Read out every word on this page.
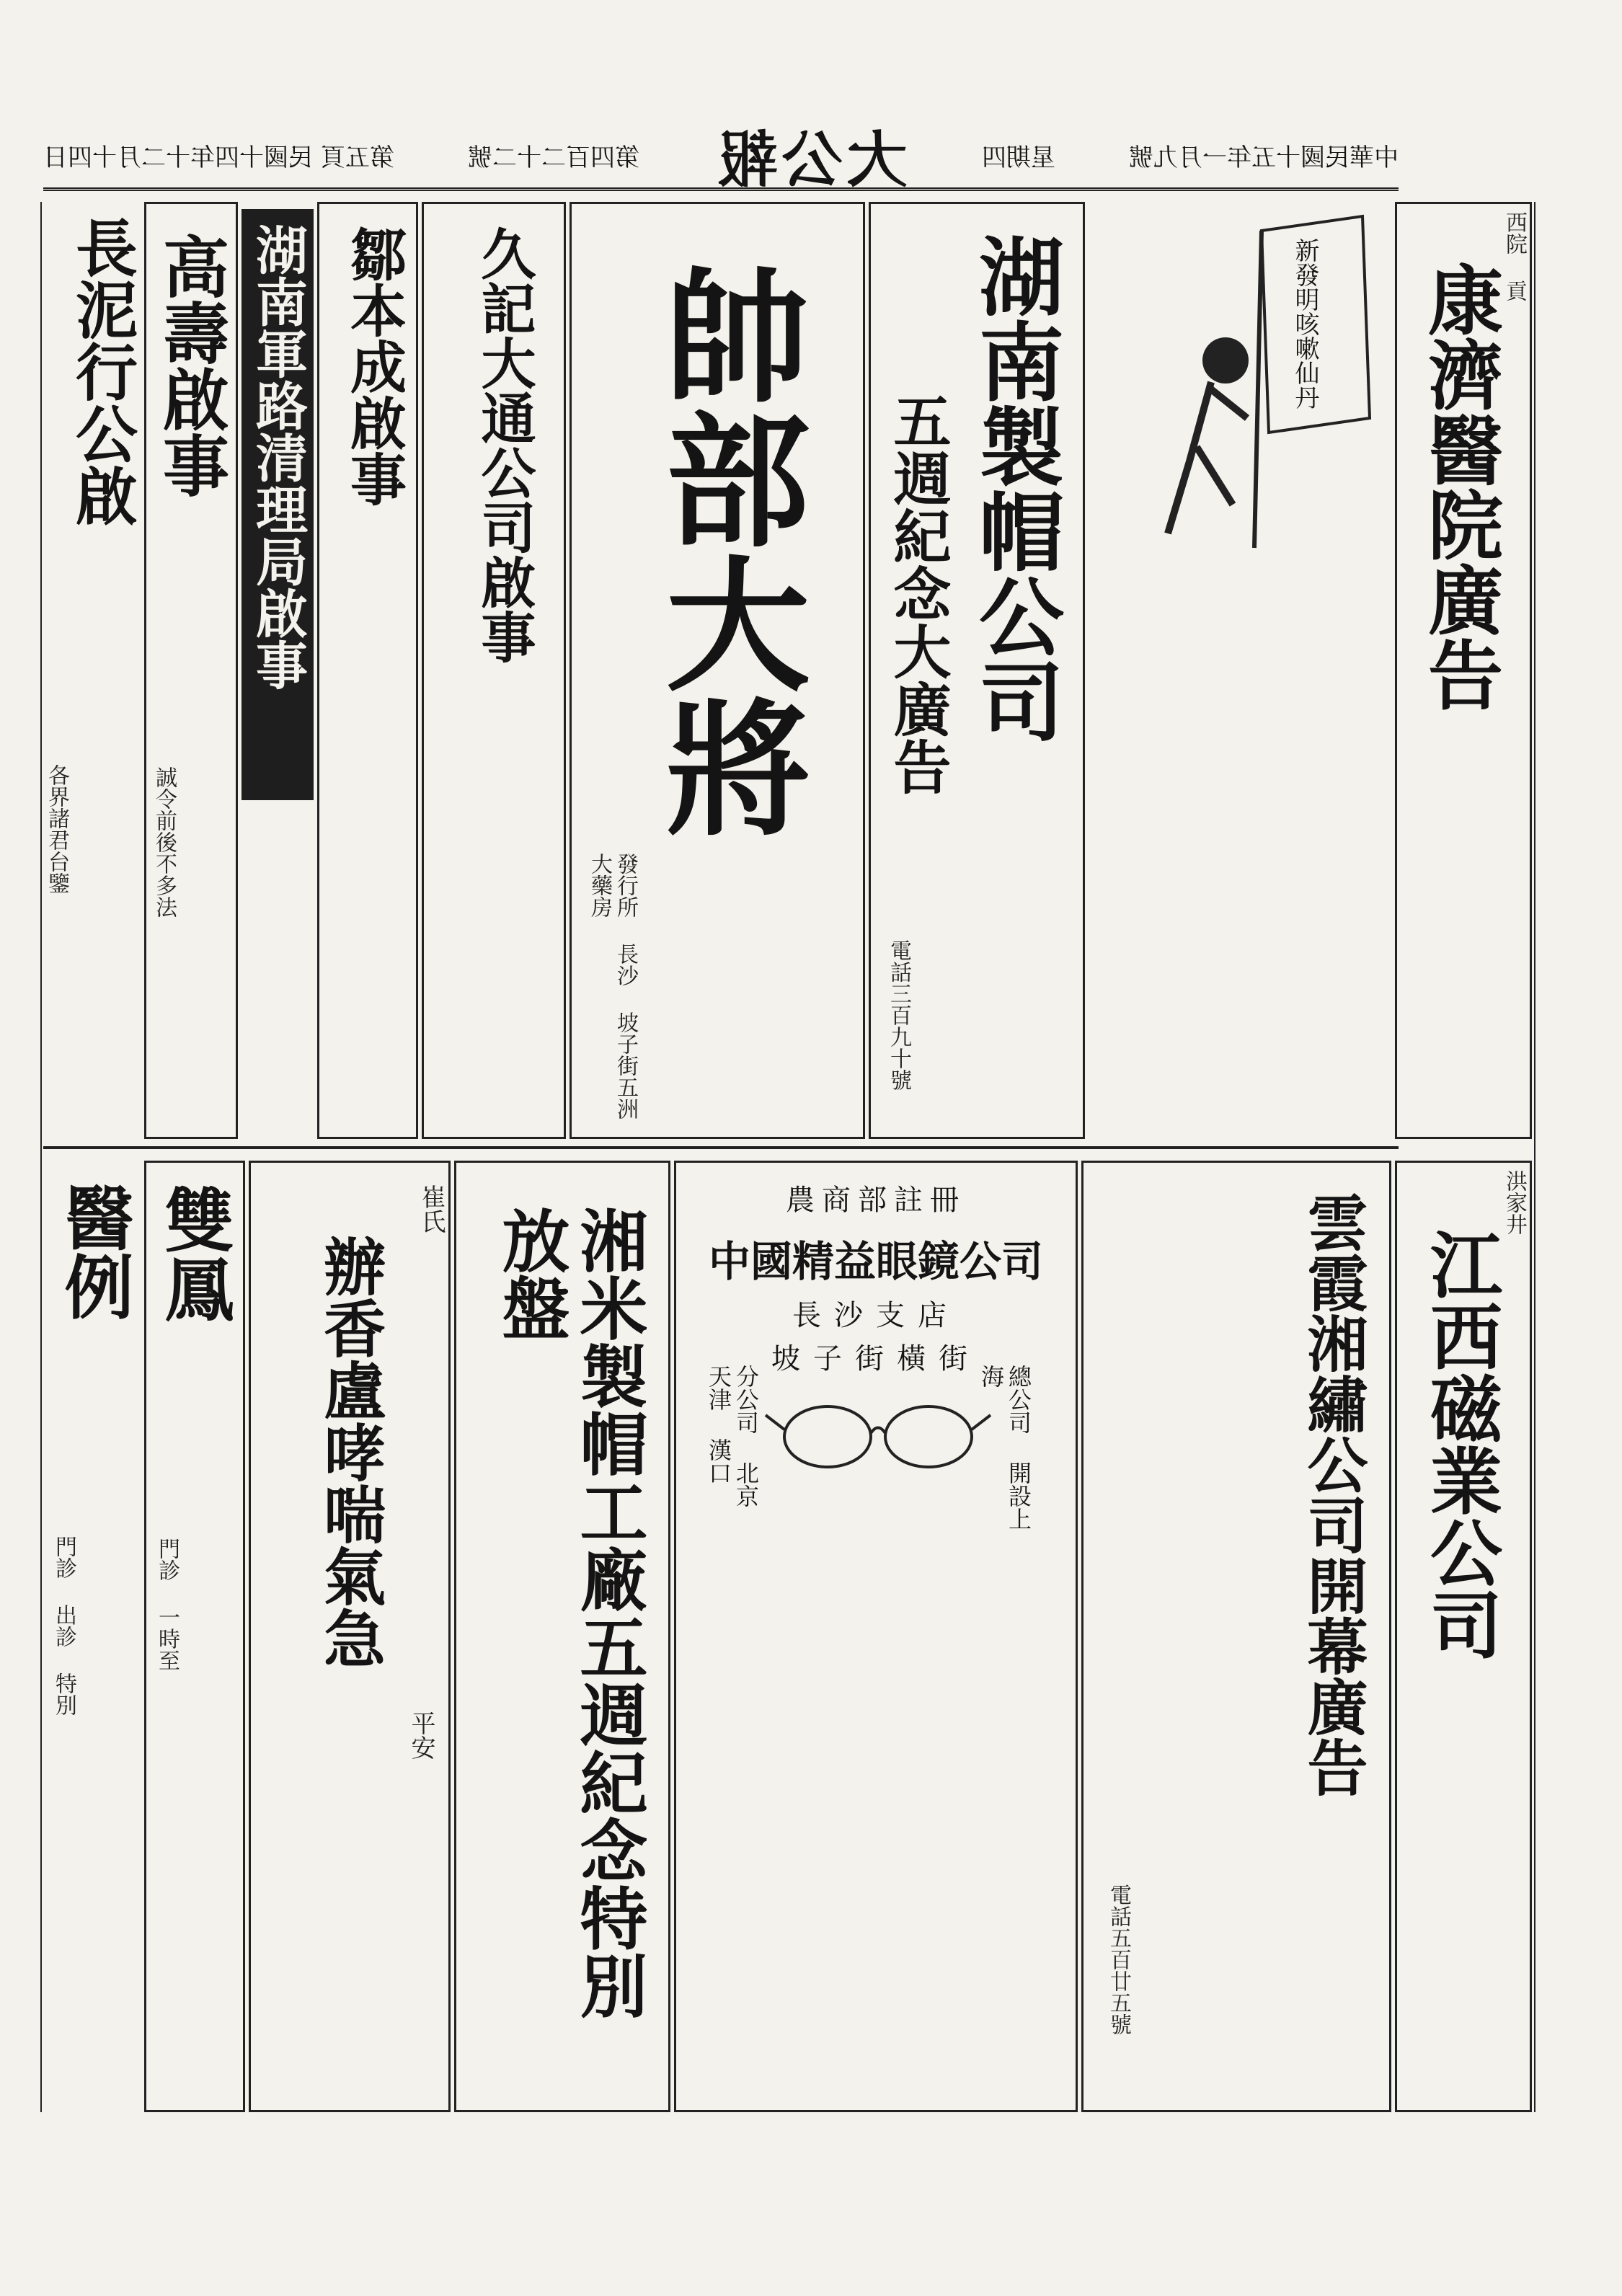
第五頁 民國十四年十二月十四日	第四百二十二號 大公報	星期四	中華民國十五年一月九號
長泥行公啟
各界諸君台鑒
高壽啟事
誠令前後不多法
湖南軍路清理局啟事 鄒本成啟事 久記大通公司啟事 帥部大將
發行所 長沙 坡子街五洲大藥房
湖南製帽公司
五週紀念大廣告
電話三百九十號
新發明咳嗽仙丹	西院 貢
康濟醫院廣告
醫例
門診 出診 特別
雙鳳
門診 一時至
崔氏
辦香盧哮喘氣急
平安	湘米製帽工廠五週紀念特別放盤
農商部註冊
中國精益眼鏡公司
長沙支店
坡子街橫街
總公司 開設上海
分公司 北京 天津 漢口	雲霞湘繡公司開幕廣告
電話五百廿五號
洪家井
江西磁業公司
